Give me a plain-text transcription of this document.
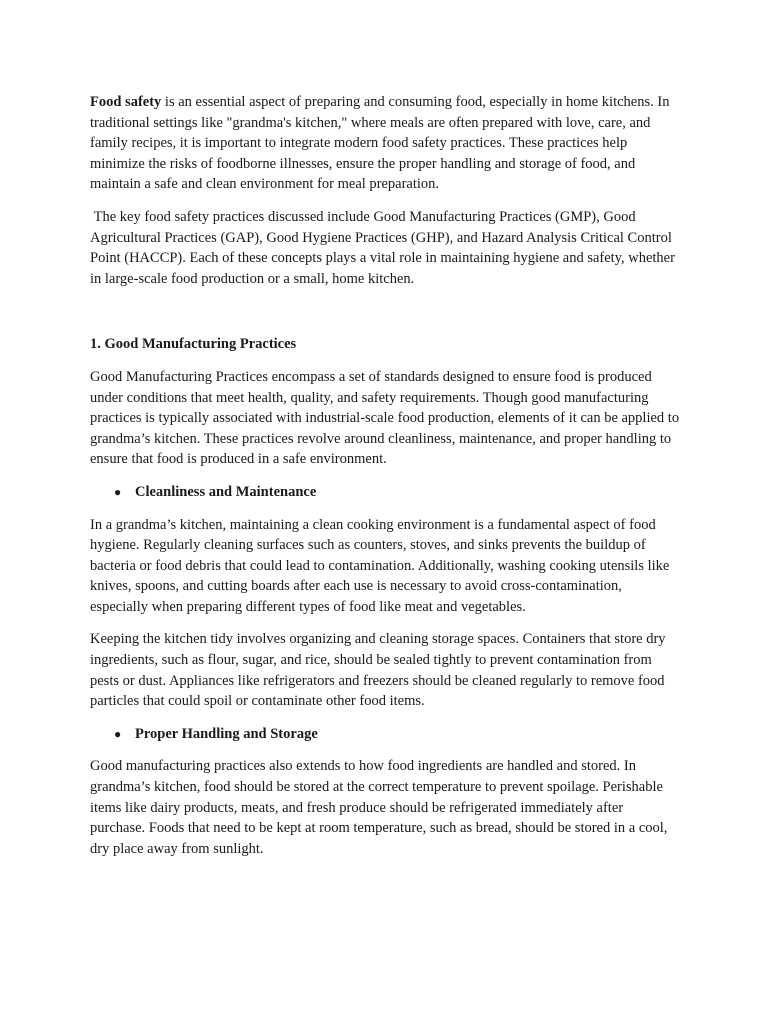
Food safety is an essential aspect of preparing and consuming food, especially in home kitchens. In traditional settings like "grandma's kitchen," where meals are often prepared with love, care, and family recipes, it is important to integrate modern food safety practices. These practices help minimize the risks of foodborne illnesses, ensure the proper handling and storage of food, and maintain a safe and clean environment for meal preparation.

The key food safety practices discussed include Good Manufacturing Practices (GMP), Good Agricultural Practices (GAP), Good Hygiene Practices (GHP), and Hazard Analysis Critical Control Point (HACCP). Each of these concepts plays a vital role in maintaining hygiene and safety, whether in large-scale food production or a small, home kitchen.

1. Good Manufacturing Practices

Good Manufacturing Practices encompass a set of standards designed to ensure food is produced under conditions that meet health, quality, and safety requirements. Though good manufacturing practices is typically associated with industrial-scale food production, elements of it can be applied to grandma’s kitchen. These practices revolve around cleanliness, maintenance, and proper handling to ensure that food is produced in a safe environment.

● Cleanliness and Maintenance

In a grandma’s kitchen, maintaining a clean cooking environment is a fundamental aspect of food hygiene. Regularly cleaning surfaces such as counters, stoves, and sinks prevents the buildup of bacteria or food debris that could lead to contamination. Additionally, washing cooking utensils like knives, spoons, and cutting boards after each use is necessary to avoid cross-contamination, especially when preparing different types of food like meat and vegetables.

Keeping the kitchen tidy involves organizing and cleaning storage spaces. Containers that store dry ingredients, such as flour, sugar, and rice, should be sealed tightly to prevent contamination from pests or dust. Appliances like refrigerators and freezers should be cleaned regularly to remove food particles that could spoil or contaminate other food items.

● Proper Handling and Storage

Good manufacturing practices also extends to how food ingredients are handled and stored. In grandma’s kitchen, food should be stored at the correct temperature to prevent spoilage. Perishable items like dairy products, meats, and fresh produce should be refrigerated immediately after purchase. Foods that need to be kept at room temperature, such as bread, should be stored in a cool, dry place away from sunlight.
